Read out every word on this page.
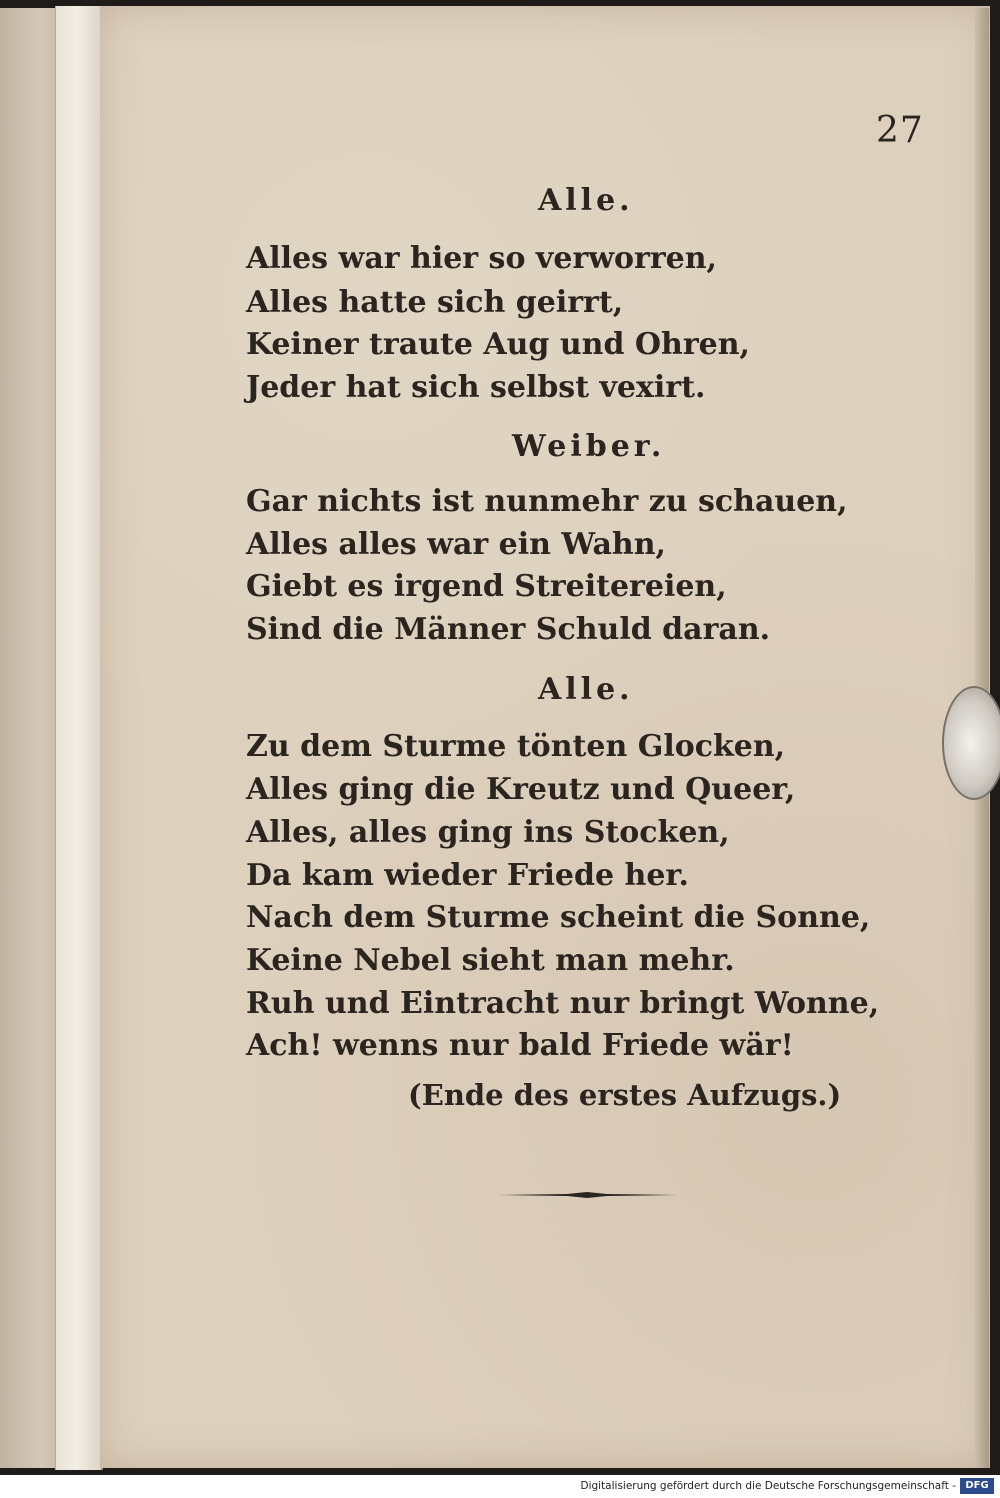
27
Alle.
Alles war hier so verworren,
Alles hatte sich geirrt,
Keiner traute Aug und Ohren,
Jeder hat sich selbst vexirt.
Weiber.
Gar nichts ist nunmehr zu schauen,
Alles alles war ein Wahn,
Giebt es irgend Streitereien,
Sind die Männer Schuld daran.
Alle.
Zu dem Sturme tönten Glocken,
Alles ging die Kreutz und Queer,
Alles, alles ging ins Stocken,
Da kam wieder Friede her.
Nach dem Sturme scheint die Sonne,
Keine Nebel sieht man mehr.
Ruh und Eintracht nur bringt Wonne,
Ach! wenns nur bald Friede wär!
(Ende des erstes Aufzugs.)
Digitalisierung gefördert durch die Deutsche Forschungsgemeinschaft - DFG
